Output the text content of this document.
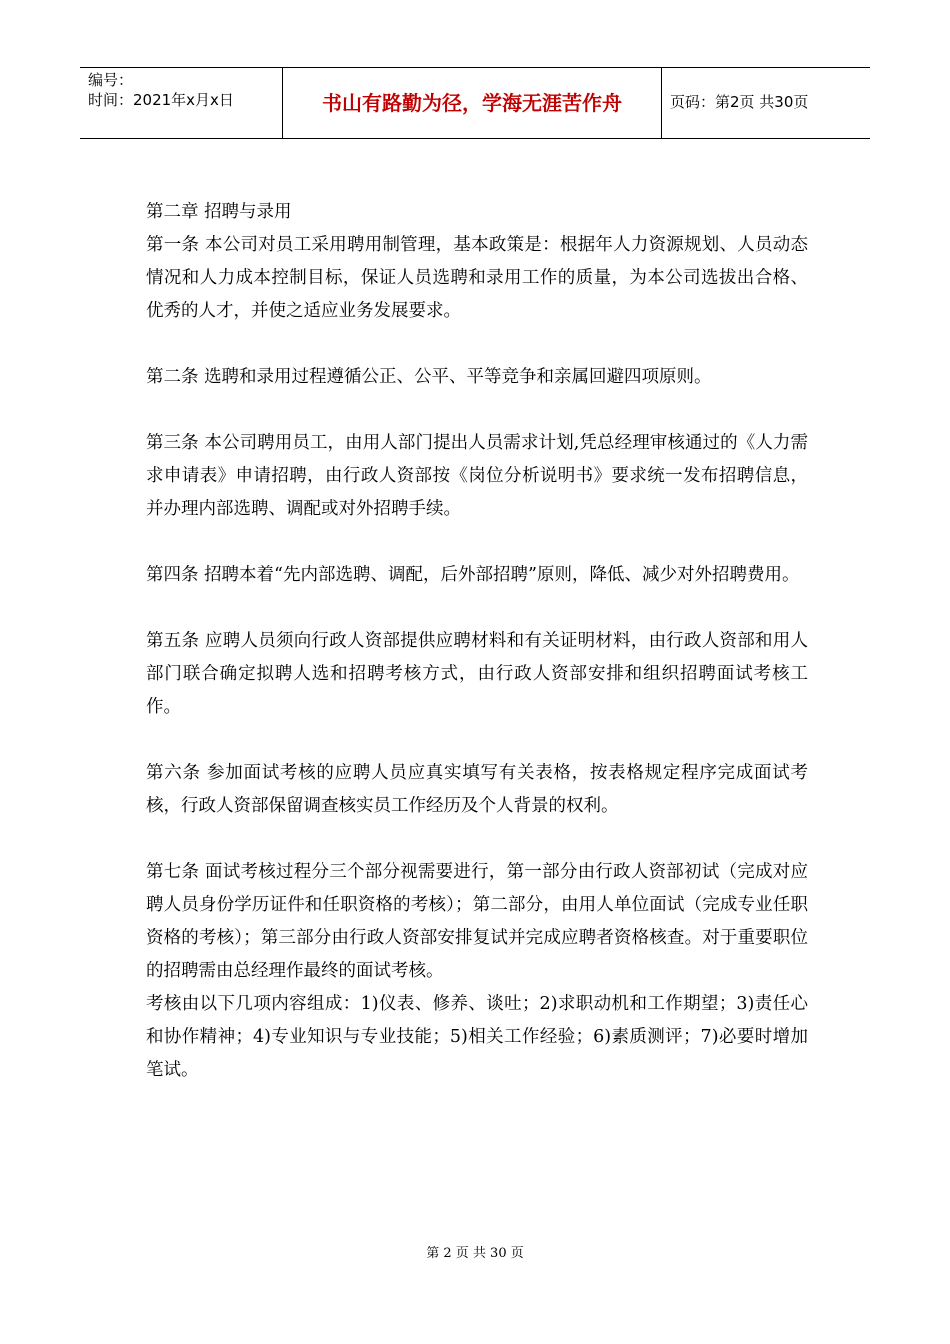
编号：
时间：2021年x月x日	书山有路勤为径，学海无涯苦作舟	页码：第2页 共30页

第二章 招聘与录用

第一条 本公司对员工采用聘用制管理，基本政策是：根据年人力资源规划、人员动态情况和人力成本控制目标，保证人员选聘和录用工作的质量，为本公司选拔出合格、优秀的人才，并使之适应业务发展要求。

第二条 选聘和录用过程遵循公正、公平、平等竞争和亲属回避四项原则。

第三条 本公司聘用员工，由用人部门提出人员需求计划,凭总经理审核通过的《人力需求申请表》申请招聘，由行政人资部按《岗位分析说明书》要求统一发布招聘信息，并办理内部选聘、调配或对外招聘手续。

第四条 招聘本着“先内部选聘、调配，后外部招聘”原则，降低、减少对外招聘费用。

第五条 应聘人员须向行政人资部提供应聘材料和有关证明材料，由行政人资部和用人部门联合确定拟聘人选和招聘考核方式，由行政人资部安排和组织招聘面试考核工作。

第六条 参加面试考核的应聘人员应真实填写有关表格，按表格规定程序完成面试考核，行政人资部保留调查核实员工作经历及个人背景的权利。

第七条 面试考核过程分三个部分视需要进行，第一部分由行政人资部初试（完成对应聘人员身份学历证件和任职资格的考核）；第二部分，由用人单位面试（完成专业任职资格的考核）；第三部分由行政人资部安排复试并完成应聘者资格核查。对于重要职位的招聘需由总经理作最终的面试考核。

考核由以下几项内容组成：1)仪表、修养、谈吐；2)求职动机和工作期望；3)责任心和协作精神；4)专业知识与专业技能；5)相关工作经验；6)素质测评；7)必要时增加笔试。

第 2 页 共 30 页
